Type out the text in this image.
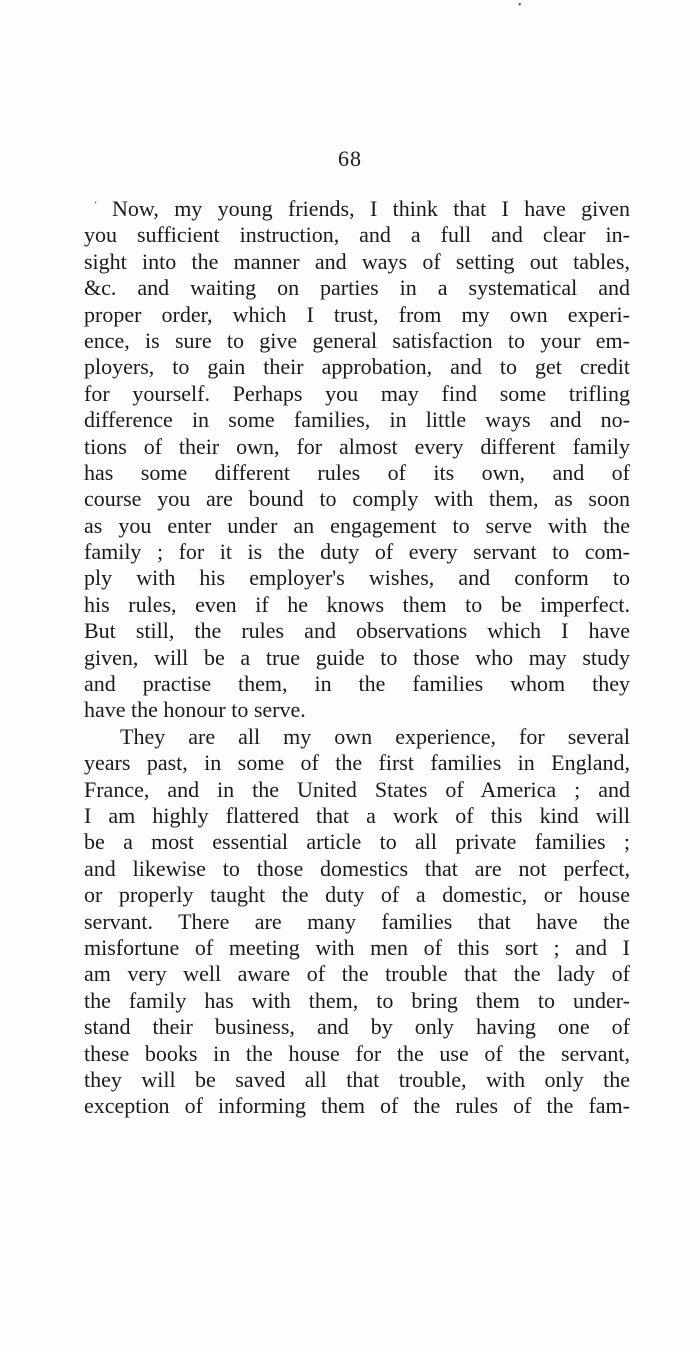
•
68
‘ Now, my young friends, I think that I have given
you sufficient instruction, and a full and clear in-
sight into the manner and ways of setting out tables,
&c. and waiting on parties in a systematical and
proper order, which I trust, from my own experi-
ence, is sure to give general satisfaction to your em-
ployers, to gain their approbation, and to get credit
for yourself. Perhaps you may find some trifling
difference in some families, in little ways and no-
tions of their own, for almost every different family
has some different rules of its own, and of
course you are bound to comply with them, as soon
as you enter under an engagement to serve with the
family ; for it is the duty of every servant to com-
ply with his employer's wishes, and conform to
his rules, even if he knows them to be imperfect.
But still, the rules and observations which I have
given, will be a true guide to those who may study
and practise them, in the families whom they
have the honour to serve.
They are all my own experience, for several
years past, in some of the first families in England,
France, and in the United States of America ; and
I am highly flattered that a work of this kind will
be a most essential article to all private families ;
and likewise to those domestics that are not perfect,
or properly taught the duty of a domestic, or house
servant. There are many families that have the
misfortune of meeting with men of this sort ; and I
am very well aware of the trouble that the lady of
the family has with them, to bring them to under-
stand their business, and by only having one of
these books in the house for the use of the servant,
they will be saved all that trouble, with only the
exception of informing them of the rules of the fam-
